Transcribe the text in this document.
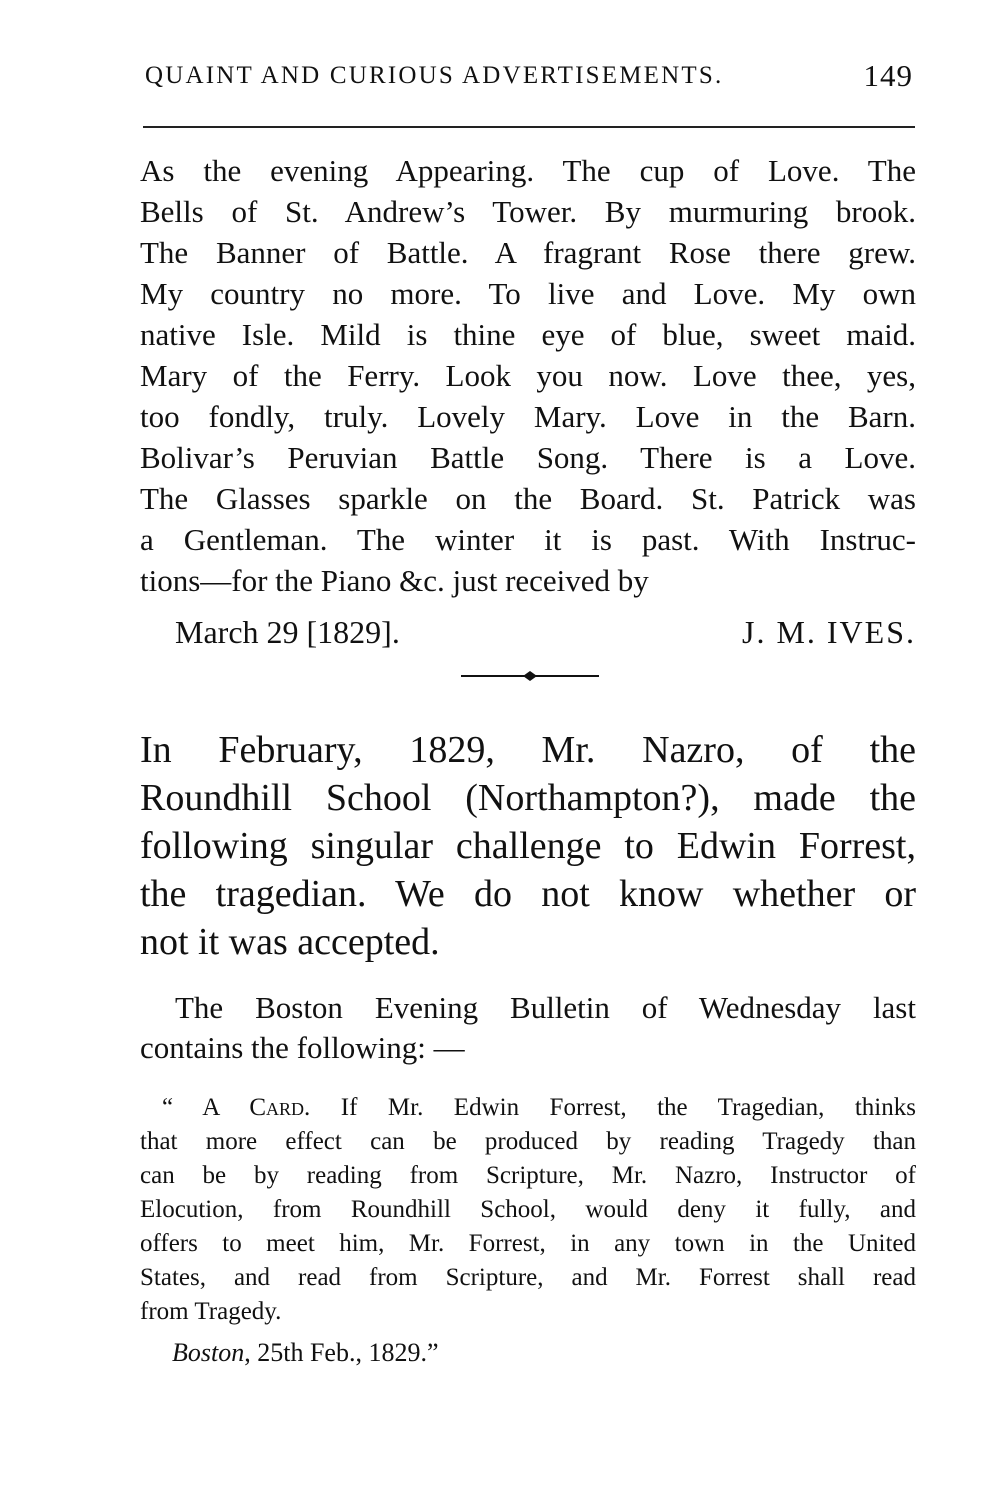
QUAINT AND CURIOUS ADVERTISEMENTS.	149
As the evening Appearing. The cup of Love. The
Bells of St. Andrew’s Tower. By murmuring brook.
The Banner of Battle. A fragrant Rose there grew.
My country no more. To live and Love. My own
native Isle. Mild is thine eye of blue, sweet maid.
Mary of the Ferry. Look you now. Love thee, yes,
too fondly, truly. Lovely Mary. Love in the Barn.
Bolivar’s Peruvian Battle Song. There is a Love.
The Glasses sparkle on the Board. St. Patrick was
a Gentleman. The winter it is past. With Instruc-
tions—for the Piano &c. just received by
March 29 [1829].	J. M. IVES.
In February, 1829, Mr. Nazro, of the
Roundhill School (Northampton?), made the
following singular challenge to Edwin Forrest,
the tragedian. We do not know whether or
not it was accepted.
The Boston Evening Bulletin of Wednesday last
contains the following: —
“ A Card. If Mr. Edwin Forrest, the Tragedian, thinks
that more effect can be produced by reading Tragedy than
can be by reading from Scripture, Mr. Nazro, Instructor of
Elocution, from Roundhill School, would deny it fully, and
offers to meet him, Mr. Forrest, in any town in the United
States, and read from Scripture, and Mr. Forrest shall read
from Tragedy.
Boston, 25th Feb., 1829.”
